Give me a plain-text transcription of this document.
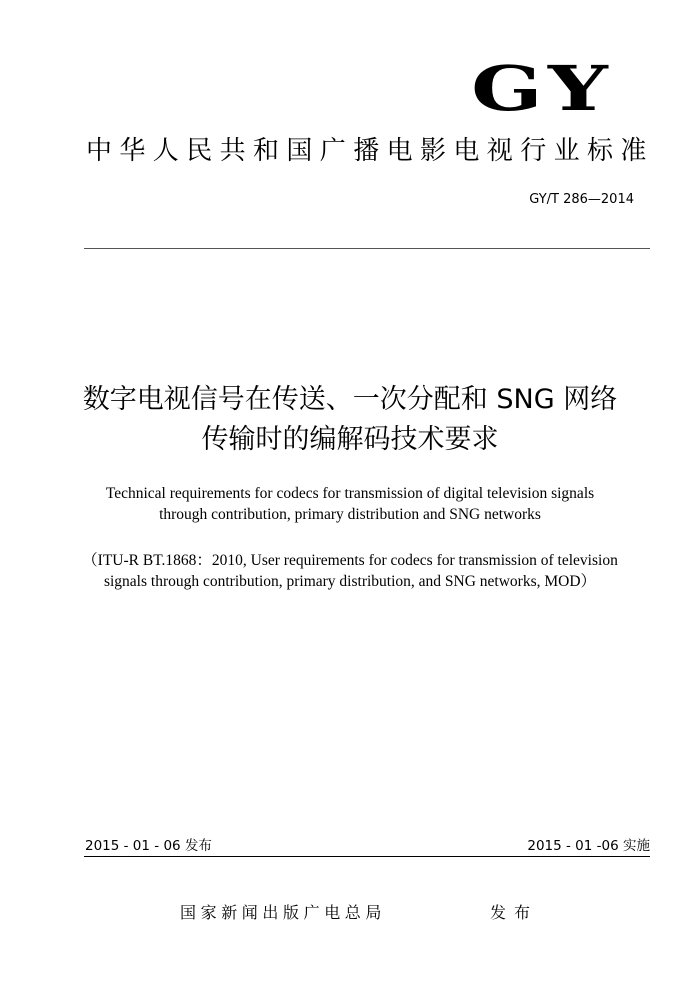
GY
中华人民共和国广播电影电视行业标准
GY/T 286—2014
数字电视信号在传送、一次分配和 SNG 网络
传输时的编解码技术要求
Technical requirements for codecs for transmission of digital television signals
through contribution, primary distribution and SNG networks
（ITU-R BT.1868：2010, User requirements for codecs for transmission of television
signals through contribution, primary distribution, and SNG networks, MOD）
2015 - 01 - 06 发布	2015 - 01 -06 实施
国家新闻出版广电总局	发布
